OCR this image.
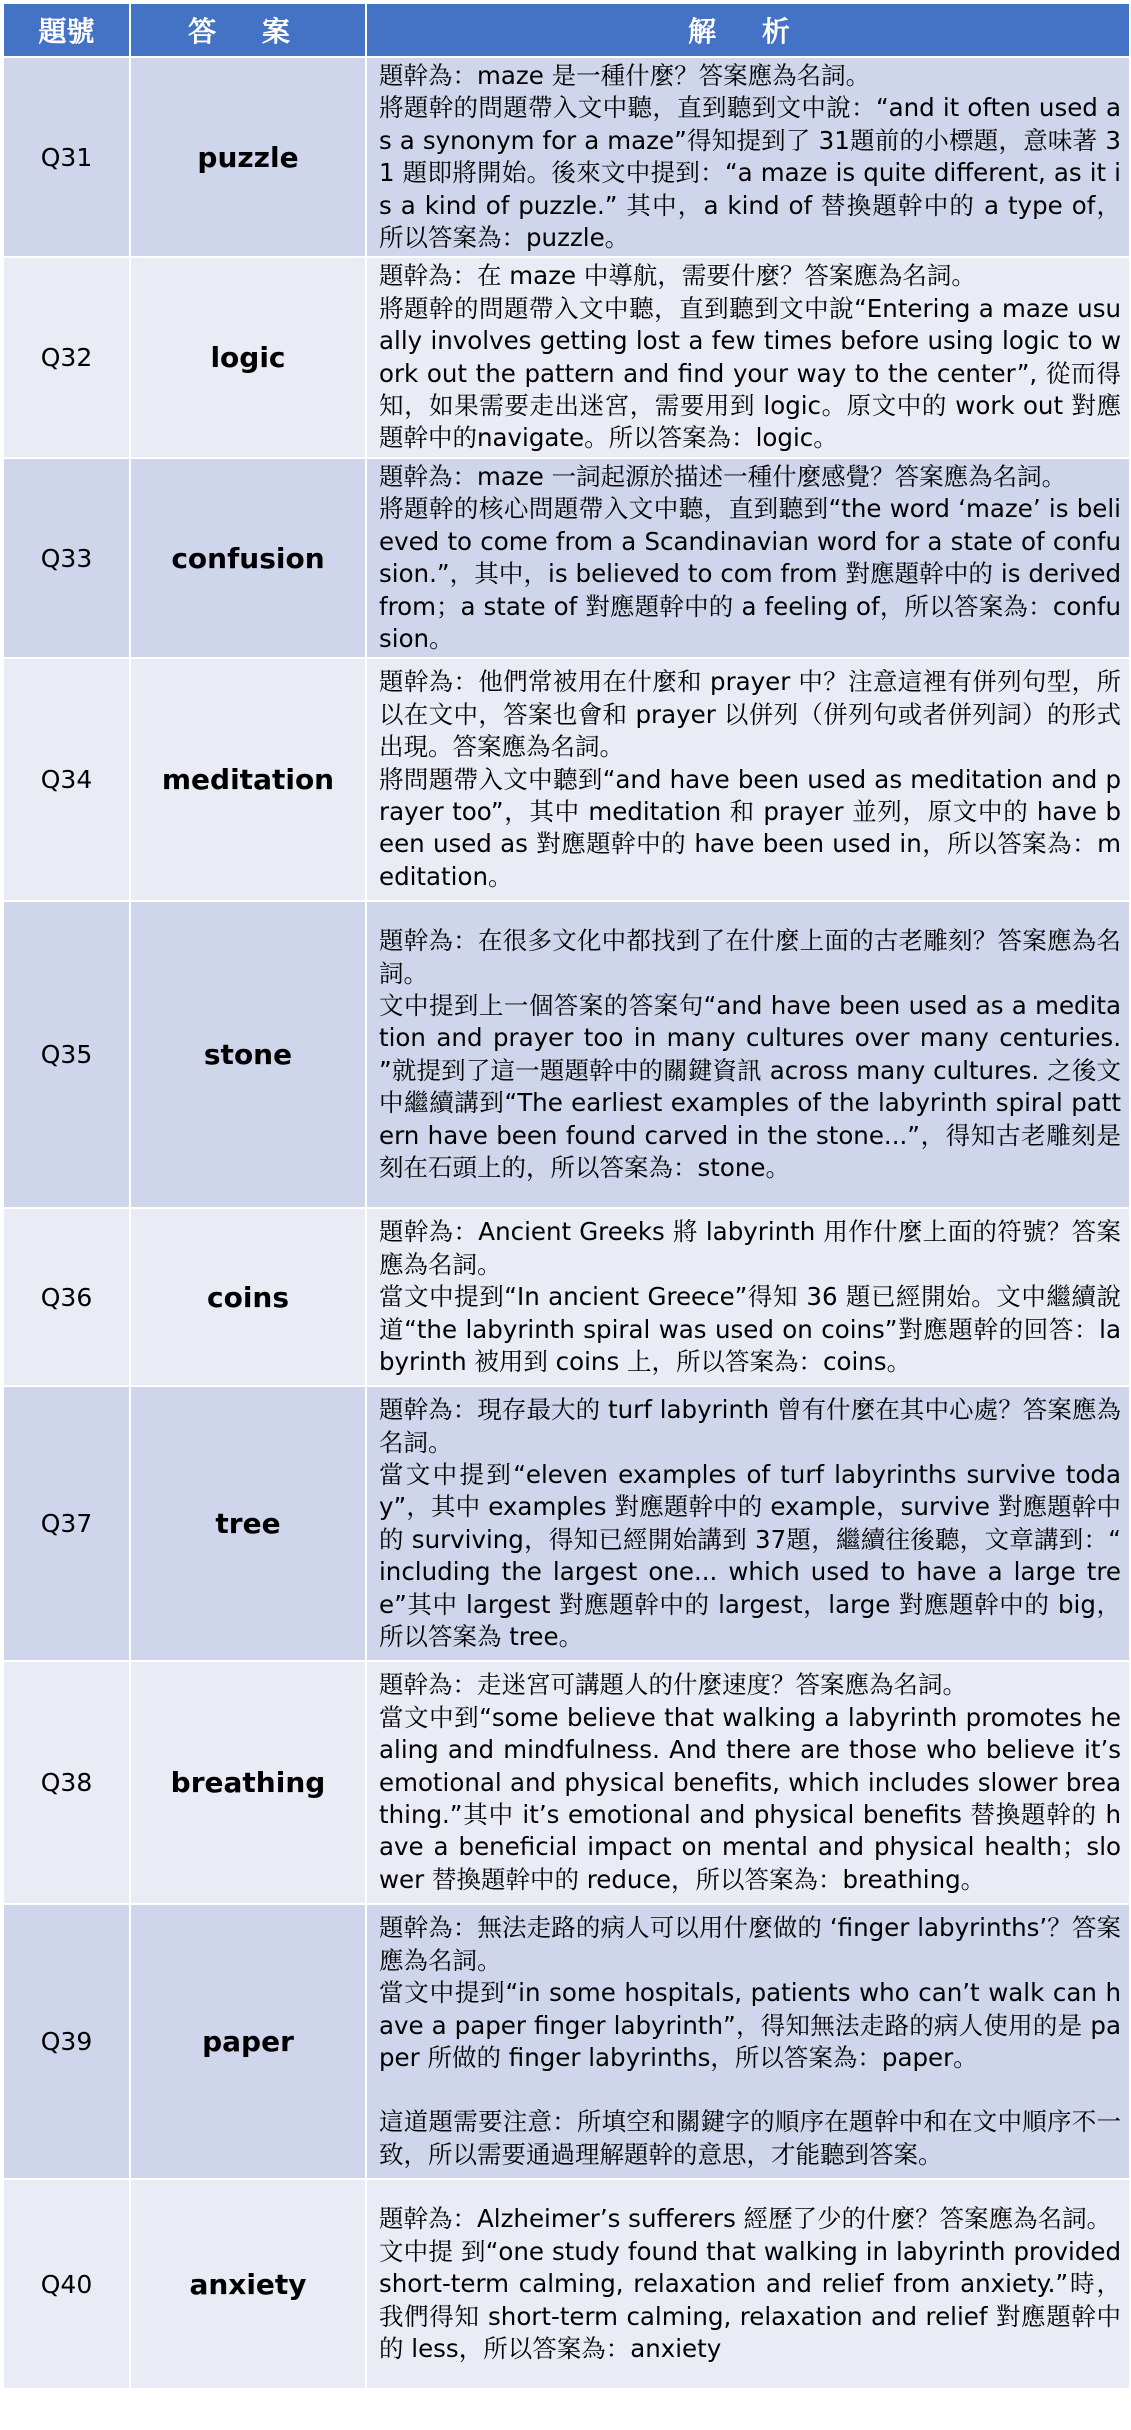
題號	答 案	解 析
Q31	puzzle	題幹為：maze 是一種什麼？答案應為名詞。

將題幹的問題帶入文中聽，直到聽到文中說：“and it often used as a synonym for a maze”得知提到了 31題前的小標題，意味著 31 題即將開始。後來文中提到：“a maze is quite different, as it is a kind of puzzle.” 其中，a kind of 替換題幹中的 a type of， 所以答案為：puzzle。

Q32	logic	題幹為：在 maze 中導航，需要什麼？答案應為名詞。

將題幹的問題帶入文中聽，直到聽到文中說“Entering a maze usually involves getting lost a few times before using logic to work out the pattern and find your way to the center”, 從而得知，如果需要走出迷宮，需要用到 logic。原文中的 work out 對應題幹中的navigate。所以答案為：logic。

Q33	confusion	題幹為：maze 一詞起源於描述一種什麼感覺？答案應為名詞。

將題幹的核心問題帶入文中聽，直到聽到“the word ‘maze’ is believed to come from a Scandinavian word for a state of confusion.”，其中，is believed to com from 對應題幹中的 is derived from；a state of 對應題幹中的 a feeling of，所以答案為：confusion。

Q34	meditation	題幹為：他們常被用在什麼和 prayer 中？注意這裡有併列句型，所以在文中，答案也會和 prayer 以併列（併列句或者併列詞）的形式出現。答案應為名詞。

將問題帶入文中聽到“and have been used as meditation and prayer too”，其中 meditation 和 prayer 並列，原文中的 have been used as 對應題幹中的 have been used in，所以答案為：meditation。

Q35	stone	題幹為：在很多文化中都找到了在什麼上面的古老雕刻？答案應為名詞。

文中提到上一個答案的答案句“and have been used as a meditation and prayer too in many cultures over many centuries. ”就提到了這一題題幹中的關鍵資訊 across many cultures. 之後文中繼續講到“The earliest examples of the labyrinth spiral pattern have been found carved in the stone...”，得知古老雕刻是刻在石頭上的，所以答案為：stone。

Q36	coins	題幹為：Ancient Greeks 將 labyrinth 用作什麼上面的符號？答案應為名詞。

當文中提到“In ancient Greece”得知 36 題已經開始。文中繼續說道“the labyrinth spiral was used on coins”對應題幹的回答：labyrinth 被用到 coins 上，所以答案為：coins。

Q37	tree	題幹為：現存最大的 turf labyrinth 曾有什麼在其中心處？答案應為名詞。

當文中提到“eleven examples of turf labyrinths survive today”，其中 examples 對應題幹中的 example，survive 對應題幹中的 surviving，得知已經開始講到 37題，繼續往後聽，文章講到：“ including the largest one... which used to have a large tree”其中 largest 對應題幹中的 largest，large 對應題幹中的 big，所以答案為 tree。

Q38	breathing	題幹為：走迷宮可講題人的什麼速度？答案應為名詞。

當文中到“some believe that walking a labyrinth promotes healing and mindfulness. And there are those who believe it’s emotional and physical benefits, which includes slower breathing.”其中 it’s emotional and physical benefits 替換題幹的 have a beneficial impact on mental and physical health；slower 替換題幹中的 reduce，所以答案為：breathing。

Q39	paper	題幹為：無法走路的病人可以用什麼做的 ‘finger labyrinths’？答案應為名詞。

當文中提到“in some hospitals, patients who can’t walk can have a paper finger labyrinth”，得知無法走路的病人使用的是 paper 所做的 finger labyrinths，所以答案為：paper。

這道題需要注意：所填空和關鍵字的順序在題幹中和在文中順序不一致，所以需要通過理解題幹的意思，才能聽到答案。

Q40	anxiety	題幹為：Alzheimer’s sufferers 經歷了少的什麼？答案應為名詞。

文中提 到“one study found that walking in labyrinth provided short-term calming, relaxation and relief from anxiety.”時，我們得知 short-term calming, relaxation and relief 對應題幹中的 less，所以答案為：anxiety
